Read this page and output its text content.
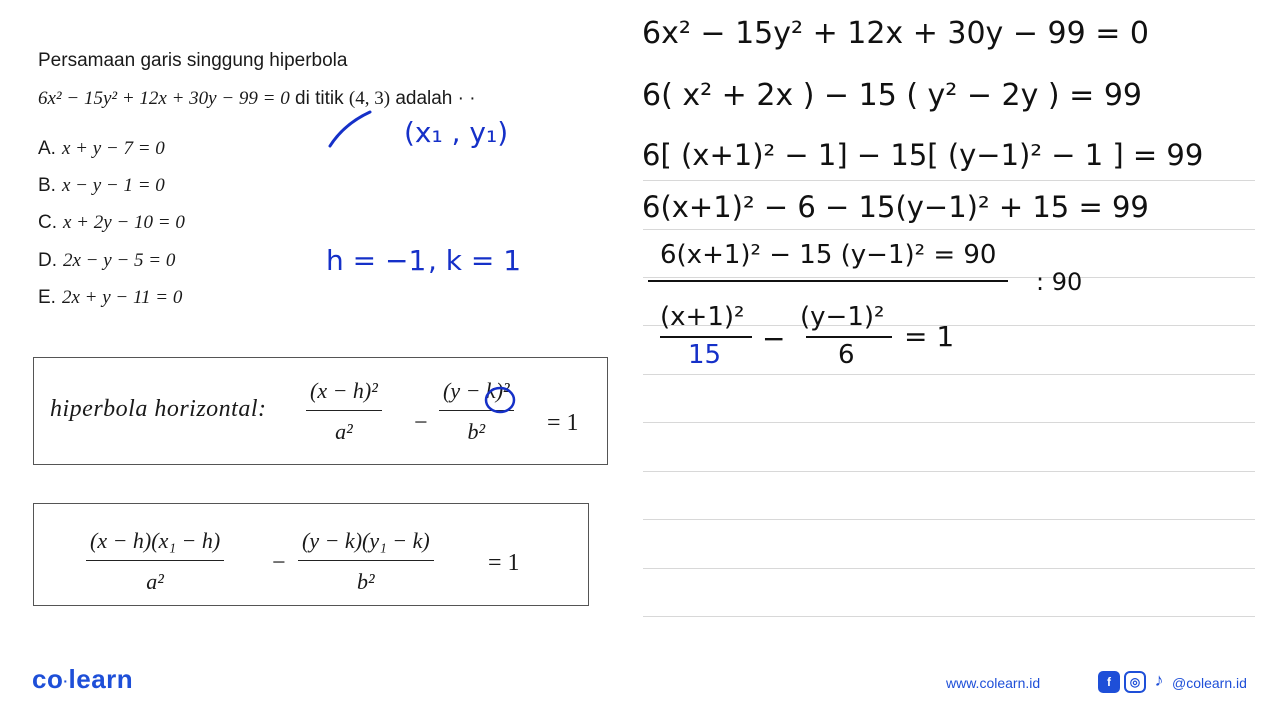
Persamaan garis singgung hiperbola
6x² − 15y² + 12x + 30y − 99 = 0 di titik (4, 3) adalah · ·
A. x + y − 7 = 0
B. x − y − 1 = 0
C. x + 2y − 10 = 0
D. 2x − y − 5 = 0
E. 2x + y − 11 = 0
(x₁ , y₁)
h = −1 , k = 1
hiperbola horizontal: $\frac{\text{(x − h)²}}{\text{a²}} - \frac{\text{(y − k)²}}{\text{b²}} = 1$
$\frac{\text{(x − h)(x₁ − h)}}{\text{a²}} - \frac{\text{(y − k)(y₁ − k)}}{\text{b²}} = 1$
6x² − 15y² + 12x + 30y − 99 = 0
6( x² + 2x ) − 15 ( y² − 2y ) = 99
6[ (x+1)² − 1] − 15[ (y−1)² − 1 ] = 99
6(x+1)² − 6 − 15(y−1)² + 15 = 99
6(x+1)² − 15 (y−1)² = 90
: 90
(x+1)²
15 −
(y−1)²
6
= 1
co·learn	www.colearn.id	f	◎ ♪ @colearn.id
